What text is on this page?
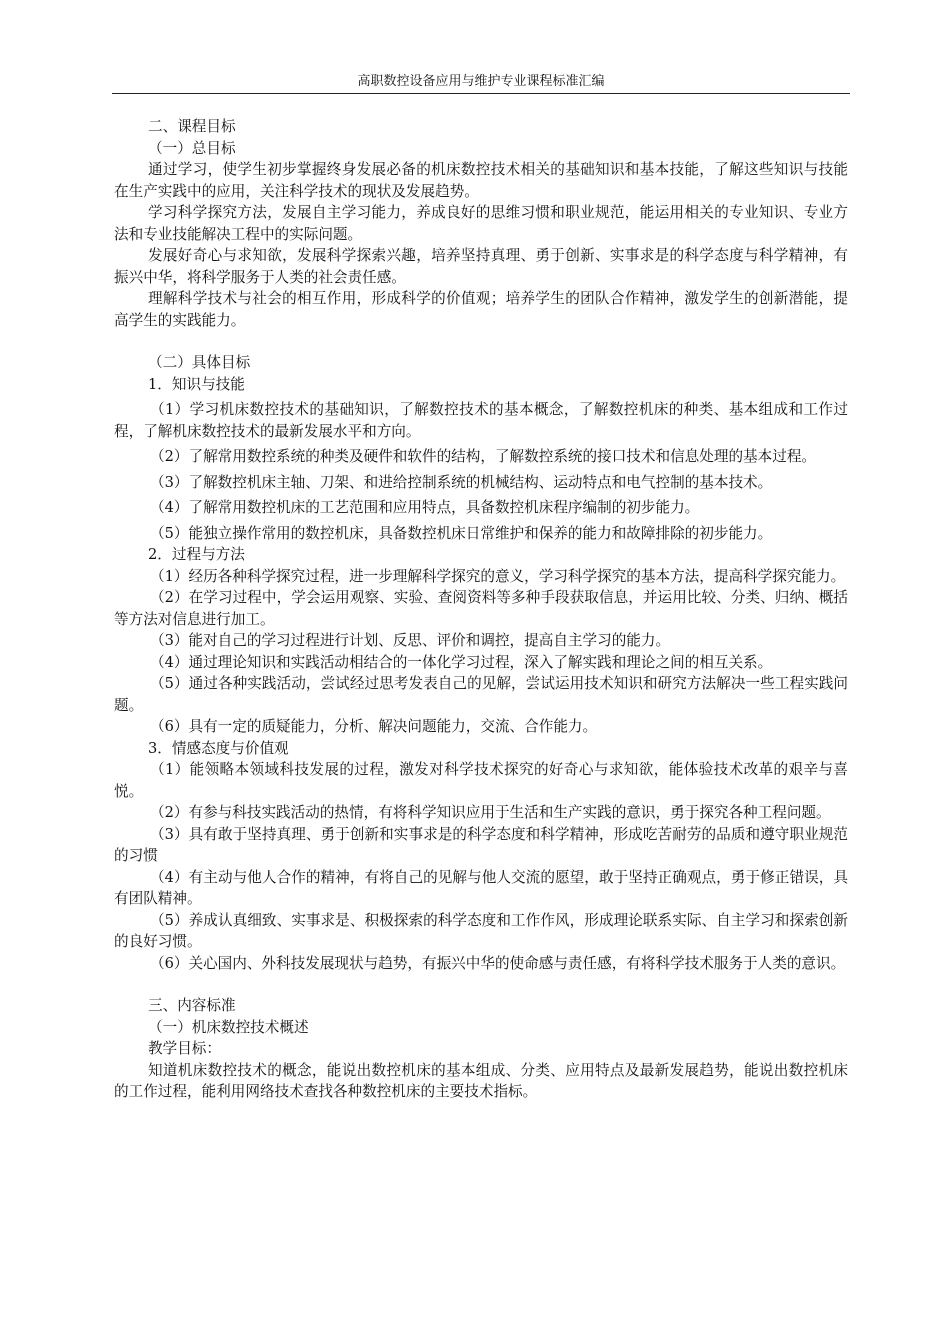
高职数控设备应用与维护专业课程标准汇编

二、课程目标

（一）总目标

通过学习，使学生初步掌握终身发展必备的机床数控技术相关的基础知识和基本技能，了解这些知识与技能在生产实践中的应用，关注科学技术的现状及发展趋势。

学习科学探究方法，发展自主学习能力，养成良好的思维习惯和职业规范，能运用相关的专业知识、专业方法和专业技能解决工程中的实际问题。

发展好奇心与求知欲，发展科学探索兴趣，培养坚持真理、勇于创新、实事求是的科学态度与科学精神，有振兴中华，将科学服务于人类的社会责任感。

理解科学技术与社会的相互作用，形成科学的价值观；培养学生的团队合作精神，激发学生的创新潜能，提高学生的实践能力。

（二）具体目标

1．知识与技能

（1）学习机床数控技术的基础知识，了解数控技术的基本概念，了解数控机床的种类、基本组成和工作过程，了解机床数控技术的最新发展水平和方向。

（2）了解常用数控系统的种类及硬件和软件的结构，了解数控系统的接口技术和信息处理的基本过程。

（3）了解数控机床主轴、刀架、和进给控制系统的机械结构、运动特点和电气控制的基本技术。

（4）了解常用数控机床的工艺范围和应用特点，具备数控机床程序编制的初步能力。

（5）能独立操作常用的数控机床，具备数控机床日常维护和保养的能力和故障排除的初步能力。

2．过程与方法

（1）经历各种科学探究过程，进一步理解科学探究的意义，学习科学探究的基本方法，提高科学探究能力。

（2）在学习过程中，学会运用观察、实验、查阅资料等多种手段获取信息，并运用比较、分类、归纳、概括等方法对信息进行加工。

（3）能对自己的学习过程进行计划、反思、评价和调控，提高自主学习的能力。

（4）通过理论知识和实践活动相结合的一体化学习过程，深入了解实践和理论之间的相互关系。

（5）通过各种实践活动，尝试经过思考发表自己的见解，尝试运用技术知识和研究方法解决一些工程实践问题。

（6）具有一定的质疑能力，分析、解决问题能力，交流、合作能力。

3．情感态度与价值观

（1）能领略本领域科技发展的过程，激发对科学技术探究的好奇心与求知欲，能体验技术改革的艰辛与喜悦。

（2）有参与科技实践活动的热情，有将科学知识应用于生活和生产实践的意识，勇于探究各种工程问题。

（3）具有敢于坚持真理、勇于创新和实事求是的科学态度和科学精神，形成吃苦耐劳的品质和遵守职业规范的习惯

（4）有主动与他人合作的精神，有将自己的见解与他人交流的愿望，敢于坚持正确观点，勇于修正错误，具有团队精神。

（5）养成认真细致、实事求是、积极探索的科学态度和工作作风，形成理论联系实际、自主学习和探索创新的良好习惯。

（6）关心国内、外科技发展现状与趋势，有振兴中华的使命感与责任感，有将科学技术服务于人类的意识。

三、内容标准

（一）机床数控技术概述

教学目标：

知道机床数控技术的概念，能说出数控机床的基本组成、分类、应用特点及最新发展趋势，能说出数控机床的工作过程，能利用网络技术查找各种数控机床的主要技术指标。
